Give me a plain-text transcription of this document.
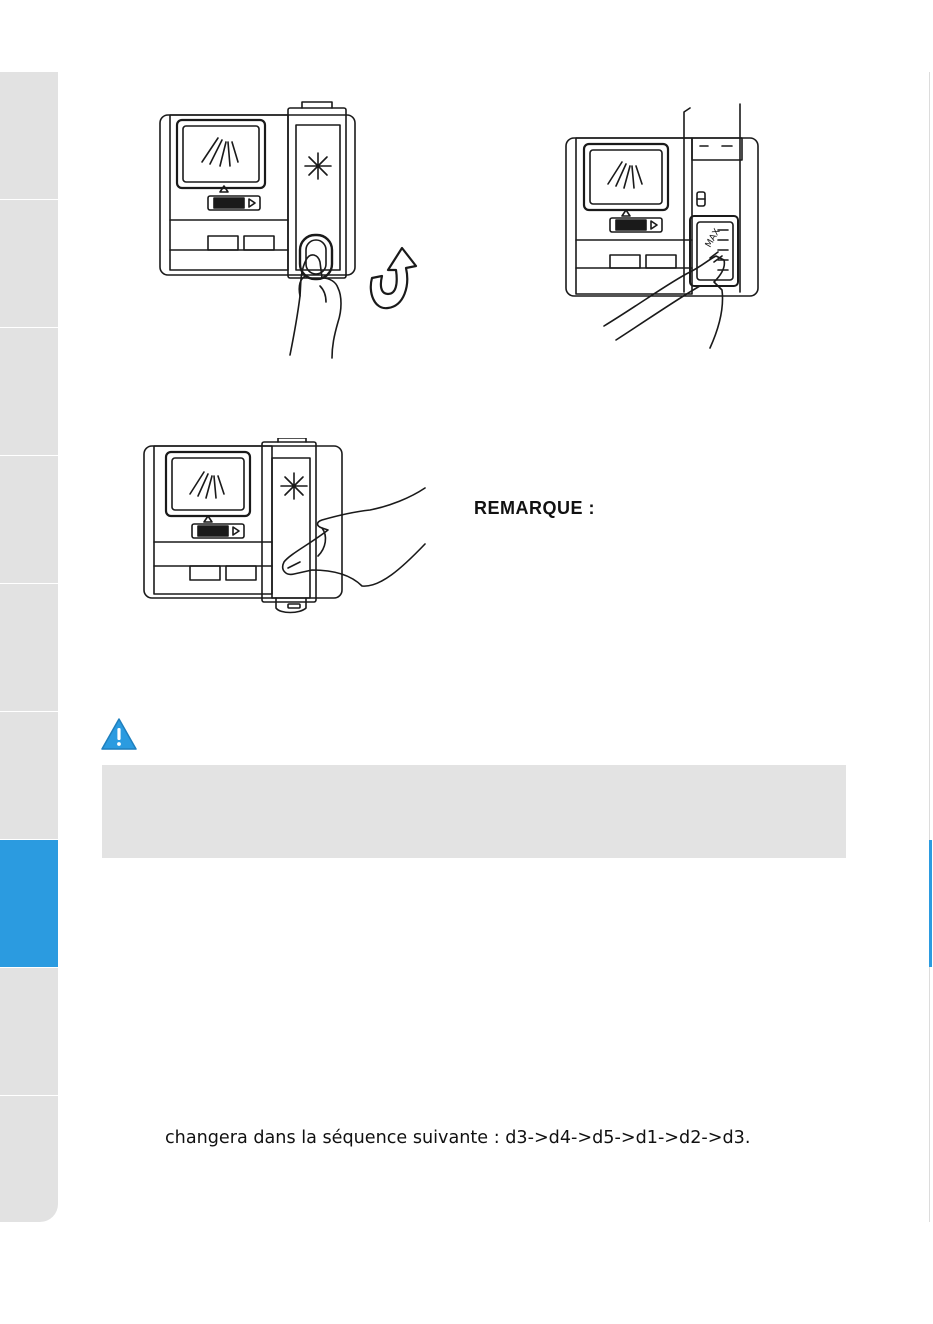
MAX

REMARQUE :

changera dans la séquence suivante : d3->d4->d5->d1->d2->d3.
